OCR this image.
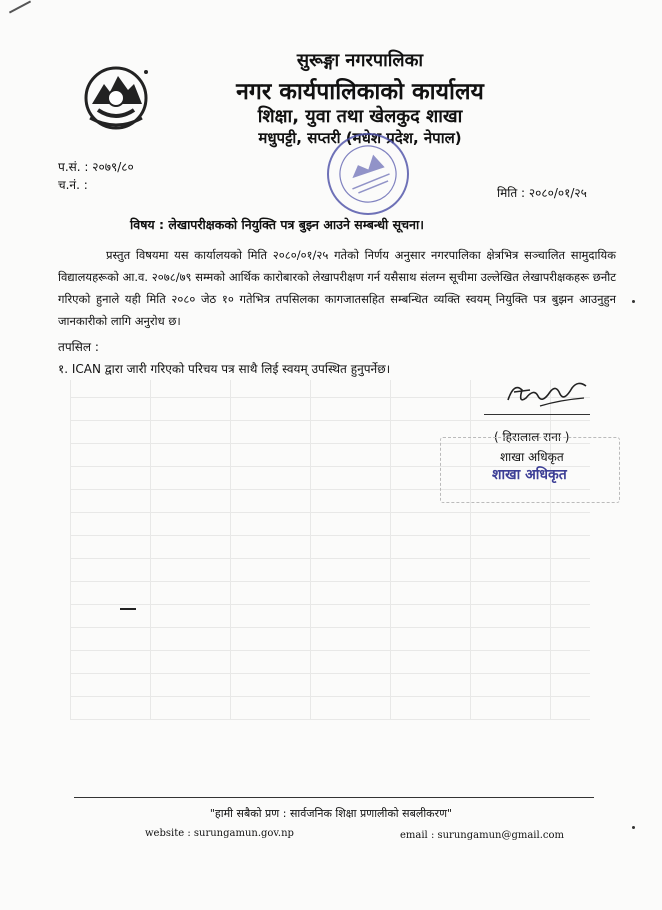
सुरूङ्गा नगरपालिका
नगर कार्यपालिकाको कार्यालय
शिक्षा, युवा तथा खेलकुद शाखा
मधुपट्टी, सप्तरी (मधेश प्रदेश, नेपाल)
प.सं. : २०७९/८०
च.नं. :
मिति : २०८०/०१/२५
विषय : लेखापरीक्षकको नियुक्ति पत्र बुझ्न आउने सम्बन्धी सूचना।
प्रस्तुत विषयमा यस कार्यालयको मिति २०८०/०१/२५ गतेको निर्णय अनुसार नगरपालिका क्षेत्रभित्र सञ्चालित सामुदायिक विद्यालयहरूको आ.व. २०७८/७९ सम्मको आर्थिक कारोबारको लेखापरीक्षण गर्न यसैसाथ संलग्न सूचीमा उल्लेखित लेखापरीक्षकहरू छनौट गरिएको हुनाले यही मिति २०८० जेठ १० गतेभित्र तपसिलका कागजातसहित सम्बन्धित व्यक्ति स्वयम् नियुक्ति पत्र बुझन आउनुहुन जानकारीको लागि अनुरोध छ।
तपसिल :
१. ICAN द्वारा जारी गरिएको परिचय पत्र साथै लिई स्वयम् उपस्थित हुनुपर्नेछ।
( हिरालाल राना )
शाखा अधिकृत
शाखा अधिकृत
"हामी सबैको प्रण : सार्वजनिक शिक्षा प्रणालीको सबलीकरण"
website : surungamun.gov.np	email : surungamun@gmail.com
